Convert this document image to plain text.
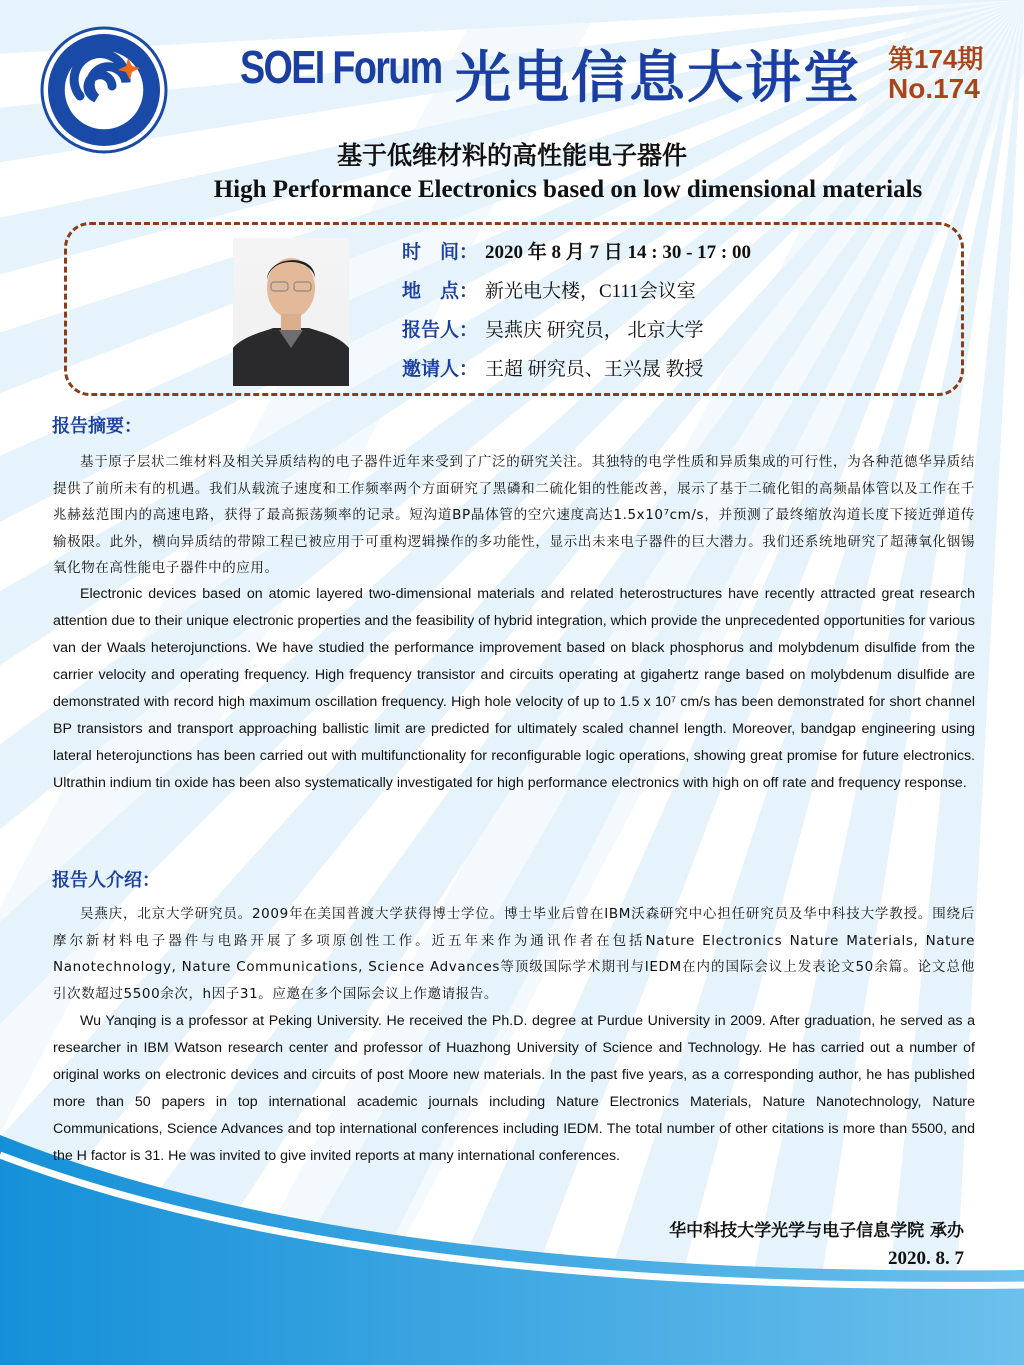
SOEI Forum 光电信息大讲堂 第174期
No.174
基于低维材料的高性能电子器件
High Performance Electronics based on low dimensional materials
时　间： 2020 年 8 月 7 日 14 : 30 - 17 : 00
地　点： 新光电大楼，C111会议室
报告人： 吴燕庆 研究员， 北京大学
邀请人： 王超 研究员、王兴晟 教授
报告摘要：
基于原子层状二维材料及相关异质结构的电子器件近年来受到了广泛的研究关注。其独特的电学性质和异质集成的可行性，为各种范德华异质结提供了前所未有的机遇。我们从载流子速度和工作频率两个方面研究了黑磷和二硫化钼的性能改善，展示了基于二硫化钼的高频晶体管以及工作在千兆赫兹范围内的高速电路，获得了最高振荡频率的记录。短沟道BP晶体管的空穴速度高达1.5x10⁷cm/s，并预测了最终缩放沟道长度下接近弹道传输极限。此外，横向异质结的带隙工程已被应用于可重构逻辑操作的多功能性，显示出未来电子器件的巨大潜力。我们还系统地研究了超薄氧化铟锡氧化物在高性能电子器件中的应用。
Electronic devices based on atomic layered two-dimensional materials and related heterostructures have recently attracted great research attention due to their unique electronic properties and the feasibility of hybrid integration, which provide the unprecedented opportunities for various van der Waals heterojunctions. We have studied the performance improvement based on black phosphorus and molybdenum disulfide from the carrier velocity and operating frequency. High frequency transistor and circuits operating at gigahertz range based on molybdenum disulfide are demonstrated with record high maximum oscillation frequency. High hole velocity of up to 1.5 x 10⁷ cm/s has been demonstrated for short channel BP transistors and transport approaching ballistic limit are predicted for ultimately scaled channel length. Moreover, bandgap engineering using lateral heterojunctions has been carried out with multifunctionality for reconfigurable logic operations, showing great promise for future electronics. Ultrathin indium tin oxide has been also systematically investigated for high performance electronics with high on off rate and frequency response.
报告人介绍：
吴燕庆，北京大学研究员。2009年在美国普渡大学获得博士学位。博士毕业后曾在IBM沃森研究中心担任研究员及华中科技大学教授。围绕后摩尔新材料电子器件与电路开展了多项原创性工作。近五年来作为通讯作者在包括Nature Electronics Nature Materials, Nature Nanotechnology, Nature Communications, Science Advances等顶级国际学术期刊与IEDM在内的国际会议上发表论文50余篇。论文总他引次数超过5500余次，h因子31。应邀在多个国际会议上作邀请报告。
Wu Yanqing is a professor at Peking University. He received the Ph.D. degree at Purdue University in 2009. After graduation, he served as a researcher in IBM Watson research center and professor of Huazhong University of Science and Technology. He has carried out a number of original works on electronic devices and circuits of post Moore new materials. In the past five years, as a corresponding author, he has published more than 50 papers in top international academic journals including Nature Electronics Materials, Nature Nanotechnology, Nature Communications, Science Advances and top international conferences including IEDM. The total number of other citations is more than 5500, and the H factor is 31. He was invited to give invited reports at many international conferences.
华中科技大学光学与电子信息学院 承办
2020. 8. 7
